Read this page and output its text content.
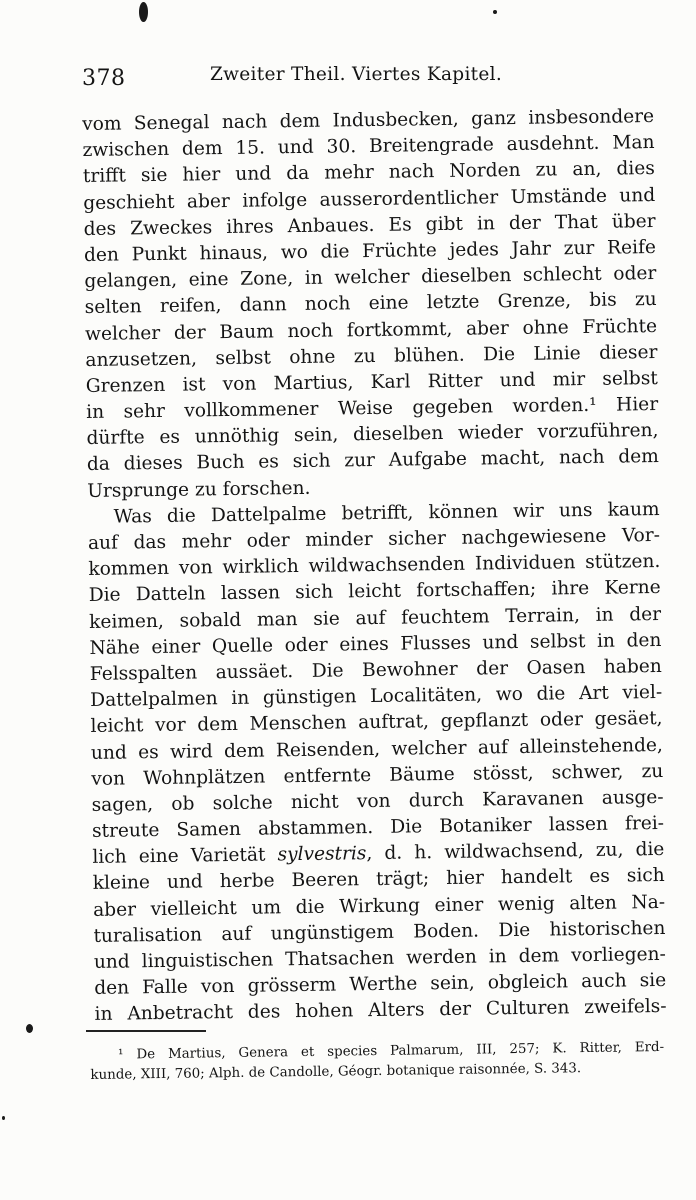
378	Zweiter Theil. Viertes Kapitel.
vom Senegal nach dem Indusbecken, ganz insbesondere
zwischen dem 15. und 30. Breitengrade ausdehnt. Man
trifft sie hier und da mehr nach Norden zu an, dies
geschieht aber infolge ausserordentlicher Umstände und
des Zweckes ihres Anbaues. Es gibt in der That über
den Punkt hinaus, wo die Früchte jedes Jahr zur Reife
gelangen, eine Zone, in welcher dieselben schlecht oder
selten reifen, dann noch eine letzte Grenze, bis zu
welcher der Baum noch fortkommt, aber ohne Früchte
anzusetzen, selbst ohne zu blühen. Die Linie dieser
Grenzen ist von Martius, Karl Ritter und mir selbst
in sehr vollkommener Weise gegeben worden.¹ Hier
dürfte es unnöthig sein, dieselben wieder vorzuführen,
da dieses Buch es sich zur Aufgabe macht, nach dem
Ursprunge zu forschen.
Was die Dattelpalme betrifft, können wir uns kaum
auf das mehr oder minder sicher nachgewiesene Vor-
kommen von wirklich wildwachsenden Individuen stützen.
Die Datteln lassen sich leicht fortschaffen; ihre Kerne
keimen, sobald man sie auf feuchtem Terrain, in der
Nähe einer Quelle oder eines Flusses und selbst in den
Felsspalten aussäet. Die Bewohner der Oasen haben
Dattelpalmen in günstigen Localitäten, wo die Art viel-
leicht vor dem Menschen auftrat, gepflanzt oder gesäet,
und es wird dem Reisenden, welcher auf alleinstehende,
von Wohnplätzen entfernte Bäume stösst, schwer, zu
sagen, ob solche nicht von durch Karavanen ausge-
streute Samen abstammen. Die Botaniker lassen frei-
lich eine Varietät sylvestris, d. h. wildwachsend, zu, die
kleine und herbe Beeren trägt; hier handelt es sich
aber vielleicht um die Wirkung einer wenig alten Na-
turalisation auf ungünstigem Boden. Die historischen
und linguistischen Thatsachen werden in dem vorliegen-
den Falle von grösserm Werthe sein, obgleich auch sie
in Anbetracht des hohen Alters der Culturen zweifels-
¹ De Martius, Genera et species Palmarum, III, 257; K. Ritter, Erd-
kunde, XIII, 760; Alph. de Candolle, Géogr. botanique raisonnée, S. 343.
